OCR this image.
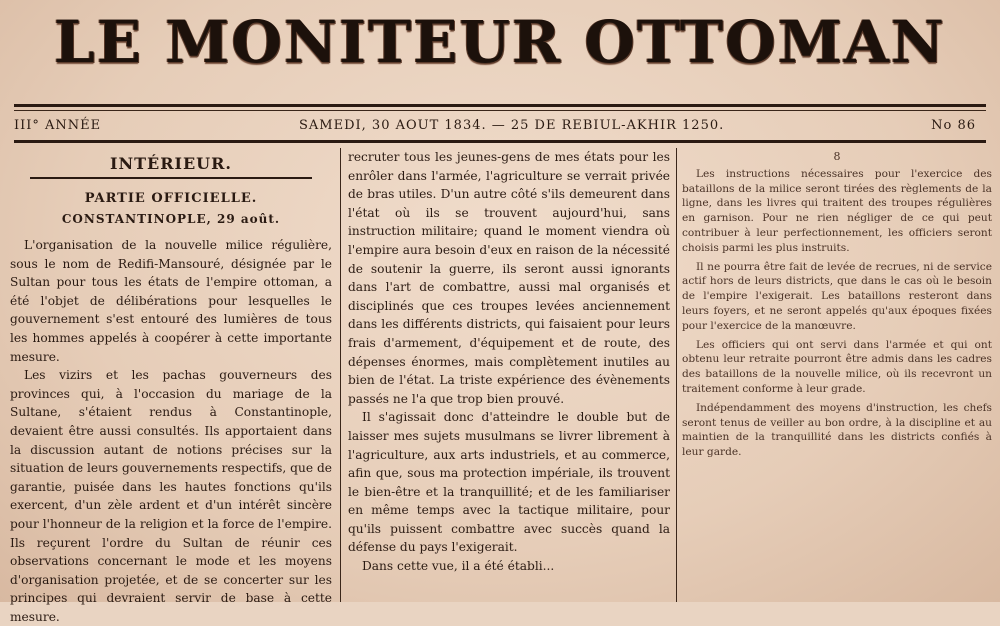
LE MONITEUR OTTOMAN
III° ANNÉE	SAMEDI, 30 AOUT 1834. — 25 DE REBIUL-AKHIR 1250.	No 86
INTÉRIEUR.
PARTIE OFFICIELLE.
CONSTANTINOPLE, 29 août.

L'organisation de la nouvelle milice régulière, sous le nom de Redifi-Mansouré, désignée par le Sultan pour tous les états de l'empire ottoman, a été l'objet de délibérations pour lesquelles le gouvernement s'est entouré des lumières de tous les hommes appelés à coopérer à cette importante mesure.

Les vizirs et les pachas gouverneurs des provinces qui, à l'occasion du mariage de la Sultane, s'étaient rendus à Constantinople, devaient être aussi consultés. Ils apportaient dans la discussion autant de notions précises sur la situation de leurs gouvernements respectifs, que de garantie, puisée dans les hautes fonctions qu'ils exercent, d'un zèle ardent et d'un intérêt sincère pour l'honneur de la religion et la force de l'empire. Ils reçurent l'ordre du Sultan de réunir ces observations concernant le mode et les moyens d'organisation projetée, et de se concerter sur les principes qui devraient servir de base à cette mesure.

recruter tous les jeunes-gens de mes états pour les enrôler dans l'armée, l'agriculture se verrait privée de bras utiles. D'un autre côté s'ils demeurent dans l'état où ils se trouvent aujourd'hui, sans instruction militaire; quand le moment viendra où l'empire aura besoin d'eux en raison de la nécessité de soutenir la guerre, ils seront aussi ignorants dans l'art de combattre, aussi mal organisés et disciplinés que ces troupes levées anciennement dans les différents districts, qui faisaient pour leurs frais d'armement, d'équipement et de route, des dépenses énormes, mais complètement inutiles au bien de l'état. La triste expérience des évènements passés ne l'a que trop bien prouvé.

Il s'agissait donc d'atteindre le double but de laisser mes sujets musulmans se livrer librement à l'agriculture, aux arts industriels, et au commerce, afin que, sous ma protection impériale, ils trouvent le bien-être et la tranquillité; et de les familiariser en même temps avec la tactique militaire, pour qu'ils puissent combattre avec succès quand la défense du pays l'exigerait.

Dans cette vue, il a été établi...

8

Les instructions nécessaires pour l'exercice des bataillons de la milice seront tirées des règlements de la ligne, dans les livres qui traitent des troupes régulières en garnison. Pour ne rien négliger de ce qui peut contribuer à leur perfectionnement, les officiers seront choisis parmi les plus instruits.

Il ne pourra être fait de levée de recrues, ni de service actif hors de leurs districts, que dans le cas où le besoin de l'empire l'exigerait. Les bataillons resteront dans leurs foyers, et ne seront appelés qu'aux époques fixées pour l'exercice de la manœuvre.

Les officiers qui ont servi dans l'armée et qui ont obtenu leur retraite pourront être admis dans les cadres des bataillons de la nouvelle milice, où ils recevront un traitement conforme à leur grade.

Indépendamment des moyens d'instruction, les chefs seront tenus de veiller au bon ordre, à la discipline et au maintien de la tranquillité dans les districts confiés à leur garde.
